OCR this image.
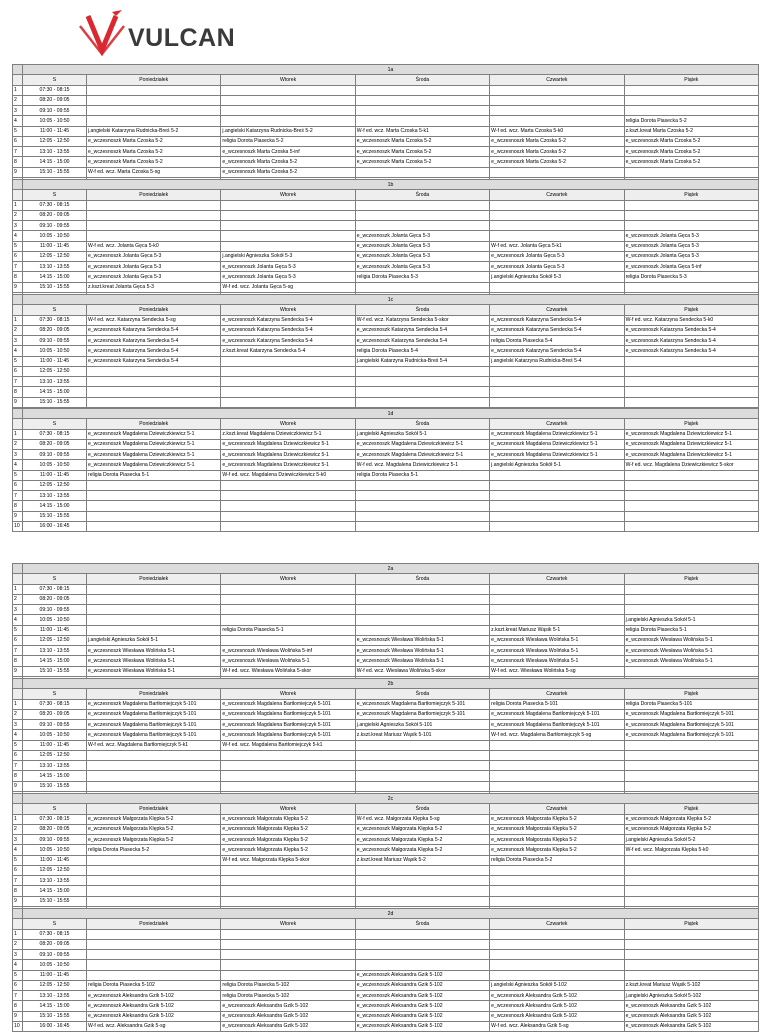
VULCAN
	1a					
	S	Poniedziałek	Wtorek	Środa	Czwartek	Piątek
1	07:30 - 08:15					
2	08:20 - 09:05					
3	09:10 - 09:55					
4	10:05 - 10:50					religia Dorota Piasecka 5-2
5	11:00 - 11:45	j.angielski Katarzyna Rudnicka-Breś 5-2	j.angielski Katarzyna Rudnicka-Breś 5-2	W-f ed. wcz. Marta Czoska 5-k1	W-f ed. wcz. Marta Czoska 5-k0	z.kszt.kreat Marta Czoska 5-2
6	12:05 - 12:50	e_wczesnoszk Marta Czoska 5-2	religia Dorota Piasecka 5-2	e_wczesnoszk Marta Czoska 5-2	e_wczesnoszk Marta Czoska 5-2	e_wczesnoszk Marta Czoska 5-2
7	13:10 - 13:55	e_wczesnoszk Marta Czoska 5-2	e_wczesnoszk Marta Czoska 5-inf	e_wczesnoszk Marta Czoska 5-2	e_wczesnoszk Marta Czoska 5-2	e_wczesnoszk Marta Czoska 5-2
8	14:15 - 15:00	e_wczesnoszk Marta Czoska 5-2	e_wczesnoszk Marta Czoska 5-2	e_wczesnoszk Marta Czoska 5-2	e_wczesnoszk Marta Czoska 5-2	e_wczesnoszk Marta Czoska 5-2
9	15:10 - 15:55	W-f ed. wcz. Marta Czoska 5-sg	e_wczesnoszk Marta Czoska 5-2			

	1b					
	S	Poniedziałek	Wtorek	Środa	Czwartek	Piątek
1	07:30 - 08:15					
2	08:20 - 09:05					
3	09:10 - 09:55					
4	10:05 - 10:50			e_wczesnoszk Jolanta Gęca 5-3		e_wczesnoszk Jolanta Gęca 5-3
5	11:00 - 11:45	W-f ed. wcz. Jolanta Gęca 5-k0		e_wczesnoszk Jolanta Gęca 5-3	W-f ed. wcz. Jolanta Gęca 5-k1	e_wczesnoszk Jolanta Gęca 5-3
6	12:05 - 12:50	e_wczesnoszk Jolanta Gęca 5-3	j.angielski Agnieszka Sokół 5-3	e_wczesnoszk Jolanta Gęca 5-3	e_wczesnoszk Jolanta Gęca 5-3	e_wczesnoszk Jolanta Gęca 5-3
7	13:10 - 13:55	e_wczesnoszk Jolanta Gęca 5-3	e_wczesnoszk Jolanta Gęca 5-3	e_wczesnoszk Jolanta Gęca 5-3	e_wczesnoszk Jolanta Gęca 5-3	e_wczesnoszk Jolanta Gęca 5-inf
8	14:15 - 15:00	e_wczesnoszk Jolanta Gęca 5-3	e_wczesnoszk Jolanta Gęca 5-3	religia Dorota Piasecka 5-3	j.angielski Agnieszka Sokół 5-3	religia Dorota Piasecka 5-3
9	15:10 - 15:55	z.kszt.kreat Jolanta Gęca 5-3	W-f ed. wcz. Jolanta Gęca 5-sg			

	1c					
	S	Poniedziałek	Wtorek	Środa	Czwartek	Piątek
1	07:30 - 08:15	W-f ed. wcz. Katarzyna Sendecka 5-sg	e_wczesnoszk Katarzyna Sendecka 5-4	W-f ed. wcz. Katarzyna Sendecka 5-skor	e_wczesnoszk Katarzyna Sendecka 5-4	W-f ed. wcz. Katarzyna Sendecka 5-k0
2	08:20 - 09:05	e_wczesnoszk Katarzyna Sendecka 5-4	e_wczesnoszk Katarzyna Sendecka 5-4	e_wczesnoszk Katarzyna Sendecka 5-4	e_wczesnoszk Katarzyna Sendecka 5-4	e_wczesnoszk Katarzyna Sendecka 5-4
3	09:10 - 09:55	e_wczesnoszk Katarzyna Sendecka 5-4	e_wczesnoszk Katarzyna Sendecka 5-4	e_wczesnoszk Katarzyna Sendecka 5-4	religia Dorota Piasecka 5-4	e_wczesnoszk Katarzyna Sendecka 5-4
4	10:05 - 10:50	e_wczesnoszk Katarzyna Sendecka 5-4	z.kszt.kreat Katarzyna Sendecka 5-4	religia Dorota Piasecka 5-4	e_wczesnoszk Katarzyna Sendecka 5-4	e_wczesnoszk Katarzyna Sendecka 5-4
5	11:00 - 11:45	e_wczesnoszk Katarzyna Sendecka 5-4		j.angielski Katarzyna Rudnicka-Breś 5-4	j.angielski Katarzyna Rudnicka-Breś 5-4	
6	12:05 - 12:50					
7	13:10 - 13:55					
8	14:15 - 15:00					
9	15:10 - 15:55					

	1d					
	S	Poniedziałek	Wtorek	Środa	Czwartek	Piątek
1	07:30 - 08:15	e_wczesnoszk Magdalena Dziewiczkiewicz 5-1	z.kszt.kreat Magdalena Dziewiczkiewicz 5-1	j.angielski Agnieszka Sokół 5-1	e_wczesnoszk Magdalena Dziewiczkiewicz 5-1	e_wczesnoszk Magdalena Dziewiczkiewicz 5-1
2	08:20 - 09:05	e_wczesnoszk Magdalena Dziewiczkiewicz 5-1	e_wczesnoszk Magdalena Dziewiczkiewicz 5-1	e_wczesnoszk Magdalena Dziewiczkiewicz 5-1	e_wczesnoszk Magdalena Dziewiczkiewicz 5-1	e_wczesnoszk Magdalena Dziewiczkiewicz 5-1
3	09:10 - 09:55	e_wczesnoszk Magdalena Dziewiczkiewicz 5-1	e_wczesnoszk Magdalena Dziewiczkiewicz 5-1	e_wczesnoszk Magdalena Dziewiczkiewicz 5-1	e_wczesnoszk Magdalena Dziewiczkiewicz 5-1	e_wczesnoszk Magdalena Dziewiczkiewicz 5-1
4	10:05 - 10:50	e_wczesnoszk Magdalena Dziewiczkiewicz 5-1	e_wczesnoszk Magdalena Dziewiczkiewicz 5-1	W-f ed. wcz. Magdalena Dziewiczkiewicz 5-1	j.angielski Agnieszka Sokół 5-1	W-f ed. wcz. Magdalena Dziewiczkiewicz 5-skor
5	11:00 - 11:45	religia Dorota Piasecka 5-1	W-f ed. wcz. Magdalena Dziewiczkiewicz 5-k0	religia Dorota Piasecka 5-1		
6	12:05 - 12:50					
7	13:10 - 13:55					
8	14:15 - 15:00					
9	15:10 - 15:55					
10	16:00 - 16:45					
	2a					
	S	Poniedziałek	Wtorek	Środa	Czwartek	Piątek
1	07:30 - 08:15					
2	08:20 - 09:05					
3	09:10 - 09:55					
4	10:05 - 10:50					j.angielski Agnieszka Sokół 5-1
5	11:00 - 11:45		religia Dorota Piasecka 5-1		z.kszt.kreat Mariusz Wąsik 5-1	religia Dorota Piasecka 5-1
6	12:05 - 12:50	j.angielski Agnieszka Sokół 5-1		e_wczesnoszk Wiesława Wolińska 5-1	e_wczesnoszk Wiesława Wolińska 5-1	e_wczesnoszk Wiesława Wolińska 5-1
7	13:10 - 13:55	e_wczesnoszk Wiesława Wolińska 5-1	e_wczesnoszk Wiesława Wolińska 5-inf	e_wczesnoszk Wiesława Wolińska 5-1	e_wczesnoszk Wiesława Wolińska 5-1	e_wczesnoszk Wiesława Wolińska 5-1
8	14:15 - 15:00	e_wczesnoszk Wiesława Wolińska 5-1	e_wczesnoszk Wiesława Wolińska 5-1	e_wczesnoszk Wiesława Wolińska 5-1	e_wczesnoszk Wiesława Wolińska 5-1	e_wczesnoszk Wiesława Wolińska 5-1
9	15:10 - 15:55	e_wczesnoszk Wiesława Wolińska 5-1	W-f ed. wcz. Wiesława Wolińska 5-skor	W-f ed. wcz. Wiesława Wolińska 5-skor	W-f ed. wcz. Wiesława Wolińska 5-sg	

	2b					
	S	Poniedziałek	Wtorek	Środa	Czwartek	Piątek
1	07:30 - 08:15	e_wczesnoszk Magdalena Bartłomiejczyk 5-101	e_wczesnoszk Magdalena Bartłomiejczyk 5-101	e_wczesnoszk Magdalena Bartłomiejczyk 5-101	religia Dorota Piasecka 5-101	religia Dorota Piasecka 5-101
2	08:20 - 09:05	e_wczesnoszk Magdalena Bartłomiejczyk 5-101	e_wczesnoszk Magdalena Bartłomiejczyk 5-101	e_wczesnoszk Magdalena Bartłomiejczyk 5-101	e_wczesnoszk Magdalena Bartłomiejczyk 5-101	e_wczesnoszk Magdalena Bartłomiejczyk 5-101
3	09:10 - 09:55	e_wczesnoszk Magdalena Bartłomiejczyk 5-101	e_wczesnoszk Magdalena Bartłomiejczyk 5-101	j.angielski Agnieszka Sokół 5-101	e_wczesnoszk Magdalena Bartłomiejczyk 5-101	e_wczesnoszk Magdalena Bartłomiejczyk 5-101
4	10:05 - 10:50	e_wczesnoszk Magdalena Bartłomiejczyk 5-101	e_wczesnoszk Magdalena Bartłomiejczyk 5-101	z.kszt.kreat Mariusz Wąsik 5-101	W-f ed. wcz. Magdalena Bartłomiejczyk 5-sg	e_wczesnoszk Magdalena Bartłomiejczyk 5-101
5	11:00 - 11:45	W-f ed. wcz. Magdalena Bartłomiejczyk 5-k1	W-f ed. wcz. Magdalena Bartłomiejczyk 5-k1			
6	12:05 - 12:50					
7	13:10 - 13:55					
8	14:15 - 15:00					
9	15:10 - 15:55					

	2c					
	S	Poniedziałek	Wtorek	Środa	Czwartek	Piątek
1	07:30 - 08:15	e_wczesnoszk Małgorzata Klępka 5-2	e_wczesnoszk Małgorzata Klępka 5-2	W-f ed. wcz. Małgorzata Klępka 5-sg	e_wczesnoszk Małgorzata Klępka 5-2	e_wczesnoszk Małgorzata Klępka 5-2
2	08:20 - 09:05	e_wczesnoszk Małgorzata Klępka 5-2	e_wczesnoszk Małgorzata Klępka 5-2	e_wczesnoszk Małgorzata Klępka 5-2	e_wczesnoszk Małgorzata Klępka 5-2	e_wczesnoszk Małgorzata Klępka 5-2
3	09:10 - 09:55	e_wczesnoszk Małgorzata Klępka 5-2	e_wczesnoszk Małgorzata Klępka 5-2	e_wczesnoszk Małgorzata Klępka 5-2	e_wczesnoszk Małgorzata Klępka 5-2	j.angielski Agnieszka Sokół 5-2
4	10:05 - 10:50	religia Dorota Piasecka 5-2	e_wczesnoszk Małgorzata Klępka 5-2	e_wczesnoszk Małgorzata Klępka 5-2	e_wczesnoszk Małgorzata Klępka 5-2	W-f ed. wcz. Małgorzata Klępka 5-k0
5	11:00 - 11:45		W-f ed. wcz. Małgorzata Klępka 5-skor	z.kszt.kreat Mariusz Wąsik 5-2	religia Dorota Piasecka 5-2	
6	12:05 - 12:50					
7	13:10 - 13:55					
8	14:15 - 15:00					
9	15:10 - 15:55					

	2d					
	S	Poniedziałek	Wtorek	Środa	Czwartek	Piątek
1	07:30 - 08:15					
2	08:20 - 09:05					
3	09:10 - 09:55					
4	10:05 - 10:50					
5	11:00 - 11:45			e_wczesnoszk Aleksandra Gzik 5-102		
6	12:05 - 12:50	religia Dorota Piasecka 5-102	religia Dorota Piasecka 5-102	e_wczesnoszk Aleksandra Gzik 5-102	j.angielski Agnieszka Sokół 5-102	z.kszt.kreat Mariusz Wąsik 5-102
7	13:10 - 13:55	e_wczesnoszk Aleksandra Gzik 5-102	religia Dorota Piasecka 5-102	e_wczesnoszk Aleksandra Gzik 5-102	e_wczesnoszk Aleksandra Gzik 5-102	j.angielski Agnieszka Sokół 5-102
8	14:15 - 15:00	e_wczesnoszk Aleksandra Gzik 5-102	e_wczesnoszk Aleksandra Gzik 5-102	e_wczesnoszk Aleksandra Gzik 5-102	e_wczesnoszk Aleksandra Gzik 5-102	e_wczesnoszk Aleksandra Gzik 5-102
9	15:10 - 15:55	e_wczesnoszk Aleksandra Gzik 5-102	e_wczesnoszk Aleksandra Gzik 5-102	e_wczesnoszk Aleksandra Gzik 5-102	e_wczesnoszk Aleksandra Gzik 5-102	e_wczesnoszk Aleksandra Gzik 5-102
10	16:00 - 16:45	W-f ed. wcz. Aleksandra Gzik 5-sg	e_wczesnoszk Aleksandra Gzik 5-102	e_wczesnoszk Aleksandra Gzik 5-102	W-f ed. wcz. Aleksandra Gzik 5-sg	e_wczesnoszk Aleksandra Gzik 5-102
